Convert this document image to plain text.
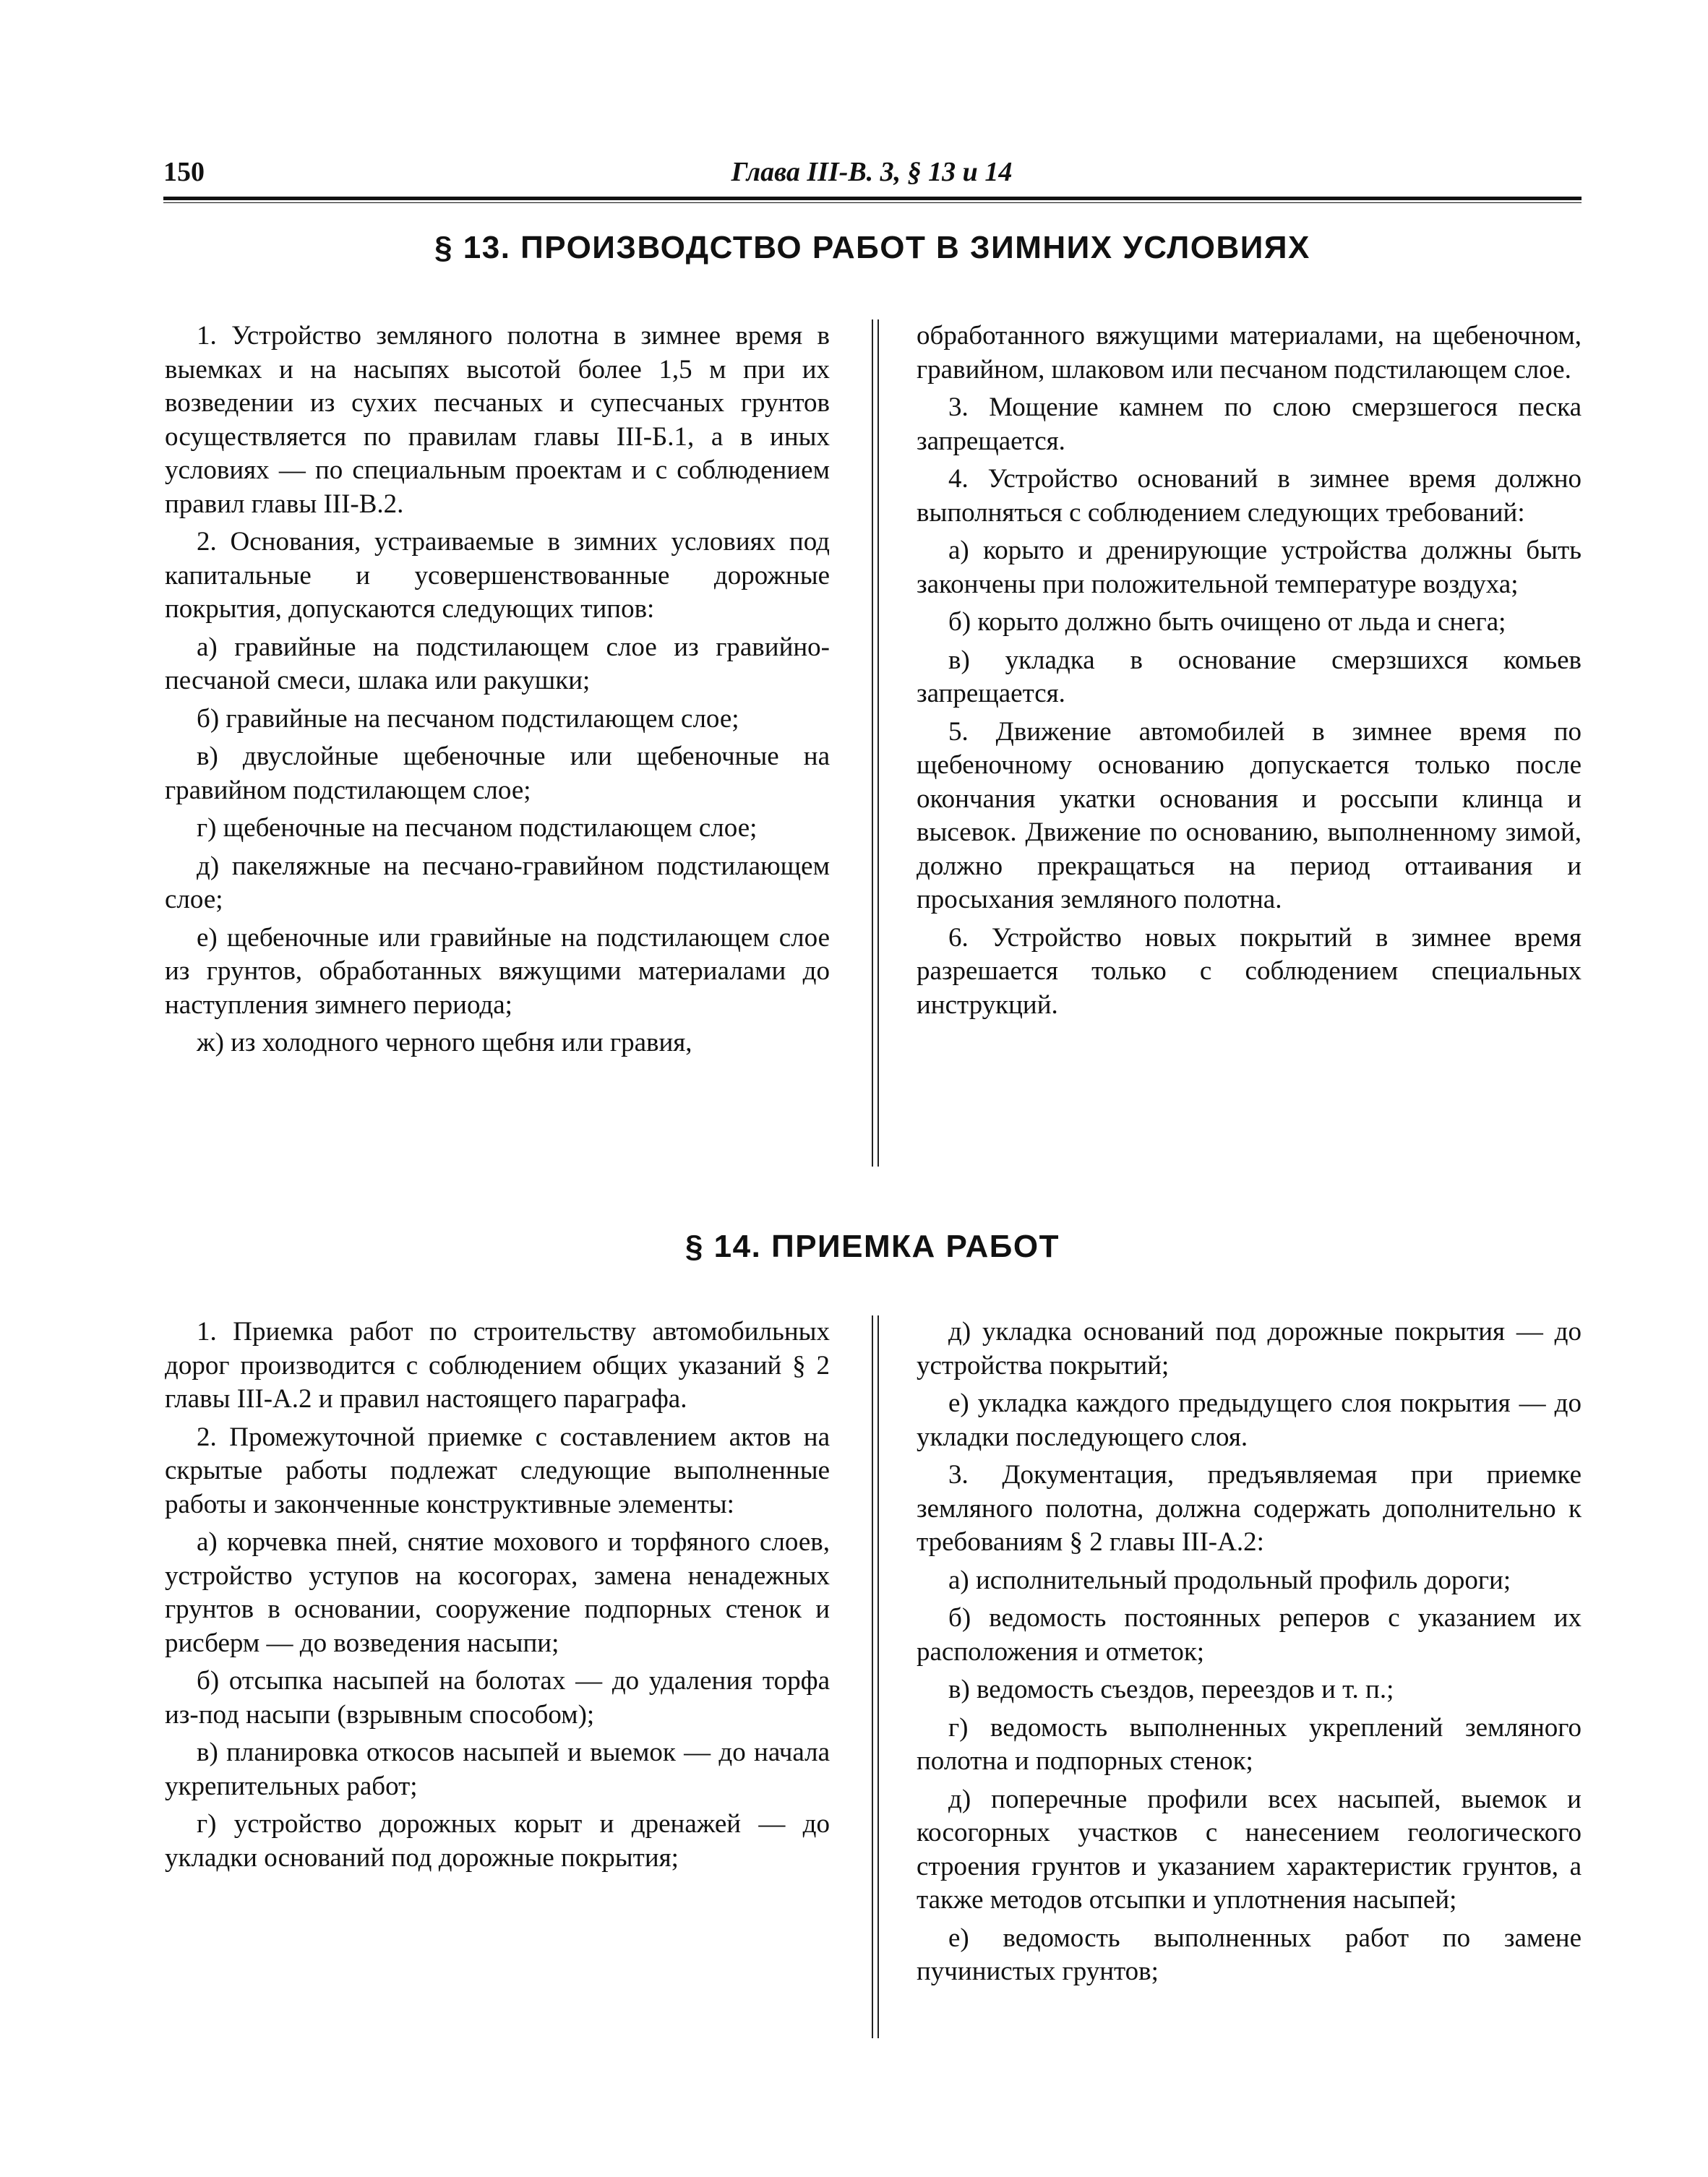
150	Глава III-В. 3, § 13 и 14
§ 13. ПРОИЗВОДСТВО РАБОТ В ЗИМНИХ УСЛОВИЯХ

1. Устройство земляного полотна в зимнее время в выемках и на насыпях высотой более 1,5 м при их возведении из сухих песчаных и супесчаных грунтов осуществляется по правилам главы III-Б.1, а в иных условиях — по специальным проектам и с соблюдением правил главы III-В.2.

2. Основания, устраиваемые в зимних условиях под капитальные и усовершенствованные дорожные покрытия, допускаются следующих типов:

а) гравийные на подстилающем слое из гравийно-песчаной смеси, шлака или ракушки;

б) гравийные на песчаном подстилающем слое;

в) двуслойные щебеночные или щебеночные на гравийном подстилающем слое;

г) щебеночные на песчаном подстилающем слое;

д) пакеляжные на песчано-гравийном подстилающем слое;

е) щебеночные или гравийные на подстилающем слое из грунтов, обработанных вяжущими материалами до наступления зимнего периода;

ж) из холодного черного щебня или гравия,

обработанного вяжущими материалами, на щебеночном, гравийном, шлаковом или песчаном подстилающем слое.

3. Мощение камнем по слою смерзшегося песка запрещается.

4. Устройство оснований в зимнее время должно выполняться с соблюдением следующих требований:

а) корыто и дренирующие устройства должны быть закончены при положительной температуре воздуха;

б) корыто должно быть очищено от льда и снега;

в) укладка в основание смерзшихся комьев запрещается.

5. Движение автомобилей в зимнее время по щебеночному основанию допускается только после окончания укатки основания и россыпи клинца и высевок. Движение по основанию, выполненному зимой, должно прекращаться на период оттаивания и просыхания земляного полотна.

6. Устройство новых покрытий в зимнее время разрешается только с соблюдением специальных инструкций.

§ 14. ПРИЕМКА РАБОТ

1. Приемка работ по строительству автомобильных дорог производится с соблюдением общих указаний § 2 главы III-А.2 и правил настоящего параграфа.

2. Промежуточной приемке с составлением актов на скрытые работы подлежат следующие выполненные работы и законченные конструктивные элементы:

а) корчевка пней, снятие мохового и торфяного слоев, устройство уступов на косогорах, замена ненадежных грунтов в основании, сооружение подпорных стенок и рисберм — до возведения насыпи;

б) отсыпка насыпей на болотах — до удаления торфа из-под насыпи (взрывным способом);

в) планировка откосов насыпей и выемок — до начала укрепительных работ;

г) устройство дорожных корыт и дренажей — до укладки оснований под дорожные покрытия;

д) укладка оснований под дорожные покрытия — до устройства покрытий;

е) укладка каждого предыдущего слоя покрытия — до укладки последующего слоя.

3. Документация, предъявляемая при приемке земляного полотна, должна содержать дополнительно к требованиям § 2 главы III-А.2:

а) исполнительный продольный профиль дороги;

б) ведомость постоянных реперов с указанием их расположения и отметок;

в) ведомость съездов, переездов и т. п.;

г) ведомость выполненных укреплений земляного полотна и подпорных стенок;

д) поперечные профили всех насыпей, выемок и косогорных участков с нанесением геологического строения грунтов и указанием характеристик грунтов, а также методов отсыпки и уплотнения насыпей;

е) ведомость выполненных работ по замене пучинистых грунтов;
